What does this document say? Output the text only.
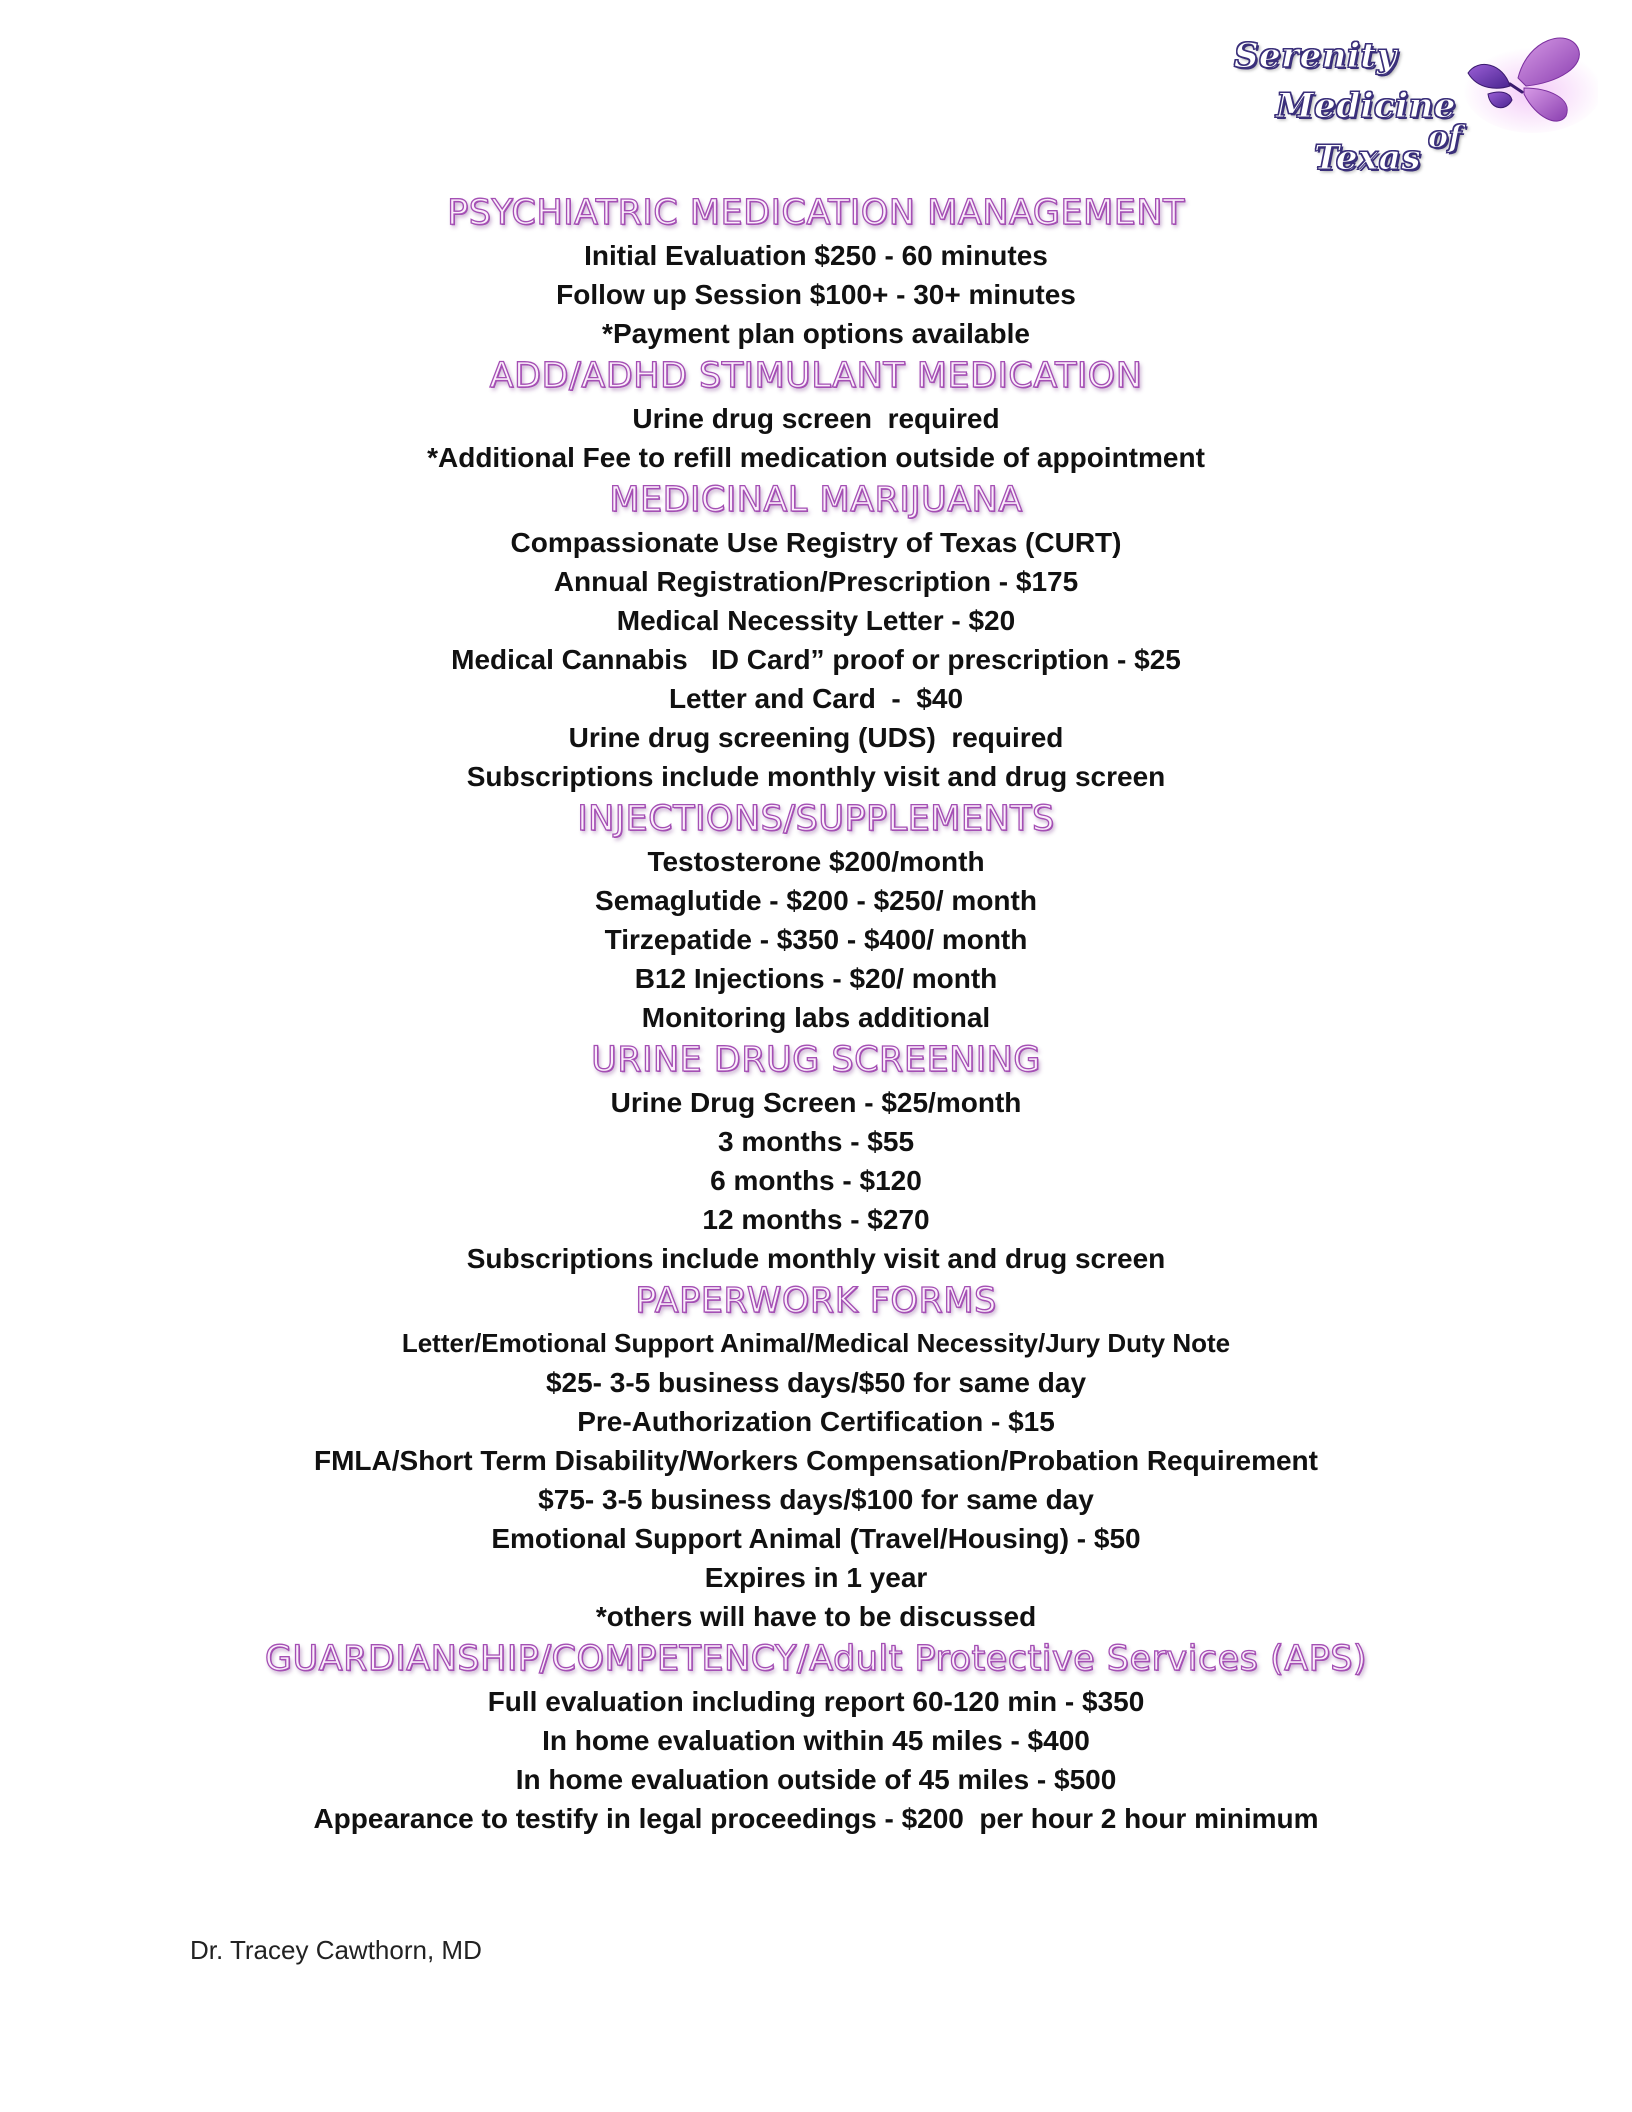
Serenity
Medicine
of
Texas
PSYCHIATRIC MEDICATION MANAGEMENT
Initial Evaluation $250 - 60 minutes
Follow up Session $100+ - 30+ minutes
*Payment plan options available
ADD/ADHD STIMULANT MEDICATION
Urine drug screen  required
*Additional Fee to refill medication outside of appointment
MEDICINAL MARIJUANA
Compassionate Use Registry of Texas (CURT)
Annual Registration/Prescription - $175
Medical Necessity Letter - $20
Medical Cannabis   ID Card” proof or prescription - $25
Letter and Card  -  $40
Urine drug screening (UDS)  required
Subscriptions include monthly visit and drug screen
INJECTIONS/SUPPLEMENTS
Testosterone $200/month
Semaglutide - $200 - $250/ month
Tirzepatide - $350 - $400/ month
B12 Injections - $20/ month
Monitoring labs additional
URINE DRUG SCREENING
Urine Drug Screen - $25/month
3 months - $55
6 months - $120
12 months - $270
Subscriptions include monthly visit and drug screen
PAPERWORK FORMS
Letter/Emotional Support Animal/Medical Necessity/Jury Duty Note
$25- 3-5 business days/$50 for same day
Pre-Authorization Certification - $15
FMLA/Short Term Disability/Workers Compensation/Probation Requirement
$75- 3-5 business days/$100 for same day
Emotional Support Animal (Travel/Housing) - $50
Expires in 1 year
*others will have to be discussed
GUARDIANSHIP/COMPETENCY/Adult Protective Services (APS)
Full evaluation including report 60-120 min - $350
In home evaluation within 45 miles - $400
In home evaluation outside of 45 miles - $500
Appearance to testify in legal proceedings - $200  per hour 2 hour minimum
Dr. Tracey Cawthorn, MD
